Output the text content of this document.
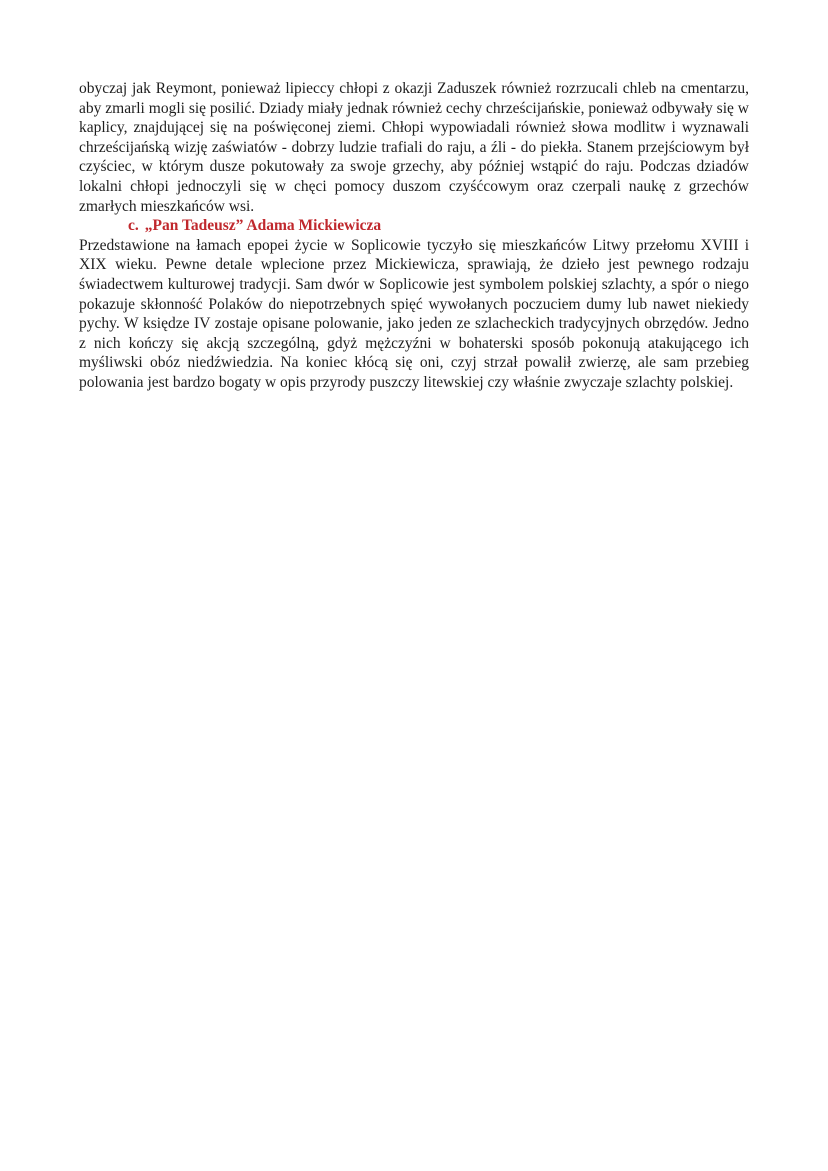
obyczaj jak Reymont, ponieważ lipieccy chłopi z okazji Zaduszek również rozrzucali chleb na cmentarzu, aby zmarli mogli się posilić. Dziady miały jednak również cechy chrześcijańskie, ponieważ odbywały się w kaplicy, znajdującej się na poświęconej ziemi. Chłopi wypowiadali również słowa modlitw i wyznawali chrześcijańską wizję zaświatów - dobrzy ludzie trafiali do raju, a źli - do piekła. Stanem przejściowym był czyściec, w którym dusze pokutowały za swoje grzechy, aby później wstąpić do raju. Podczas dziadów lokalni chłopi jednoczyli się w chęci pomocy duszom czyśćcowym oraz czerpali naukę z grzechów zmarłych mieszkańców wsi.

c. „Pan Tadeusz” Adama Mickiewicza

Przedstawione na łamach epopei życie w Soplicowie tyczyło się mieszkańców Litwy przełomu XVIII i XIX wieku. Pewne detale wplecione przez Mickiewicza, sprawiają, że dzieło jest pewnego rodzaju świadectwem kulturowej tradycji. Sam dwór w Soplicowie jest symbolem polskiej szlachty, a spór o niego pokazuje skłonność Polaków do niepotrzebnych spięć wywołanych poczuciem dumy lub nawet niekiedy pychy. W księdze IV zostaje opisane polowanie, jako jeden ze szlacheckich tradycyjnych obrzędów. Jedno z nich kończy się akcją szczególną, gdyż mężczyźni w bohaterski sposób pokonują atakującego ich myśliwski obóz niedźwiedzia. Na koniec kłócą się oni, czyj strzał powalił zwierzę, ale sam przebieg polowania jest bardzo bogaty w opis przyrody puszczy litewskiej czy właśnie zwyczaje szlachty polskiej.
